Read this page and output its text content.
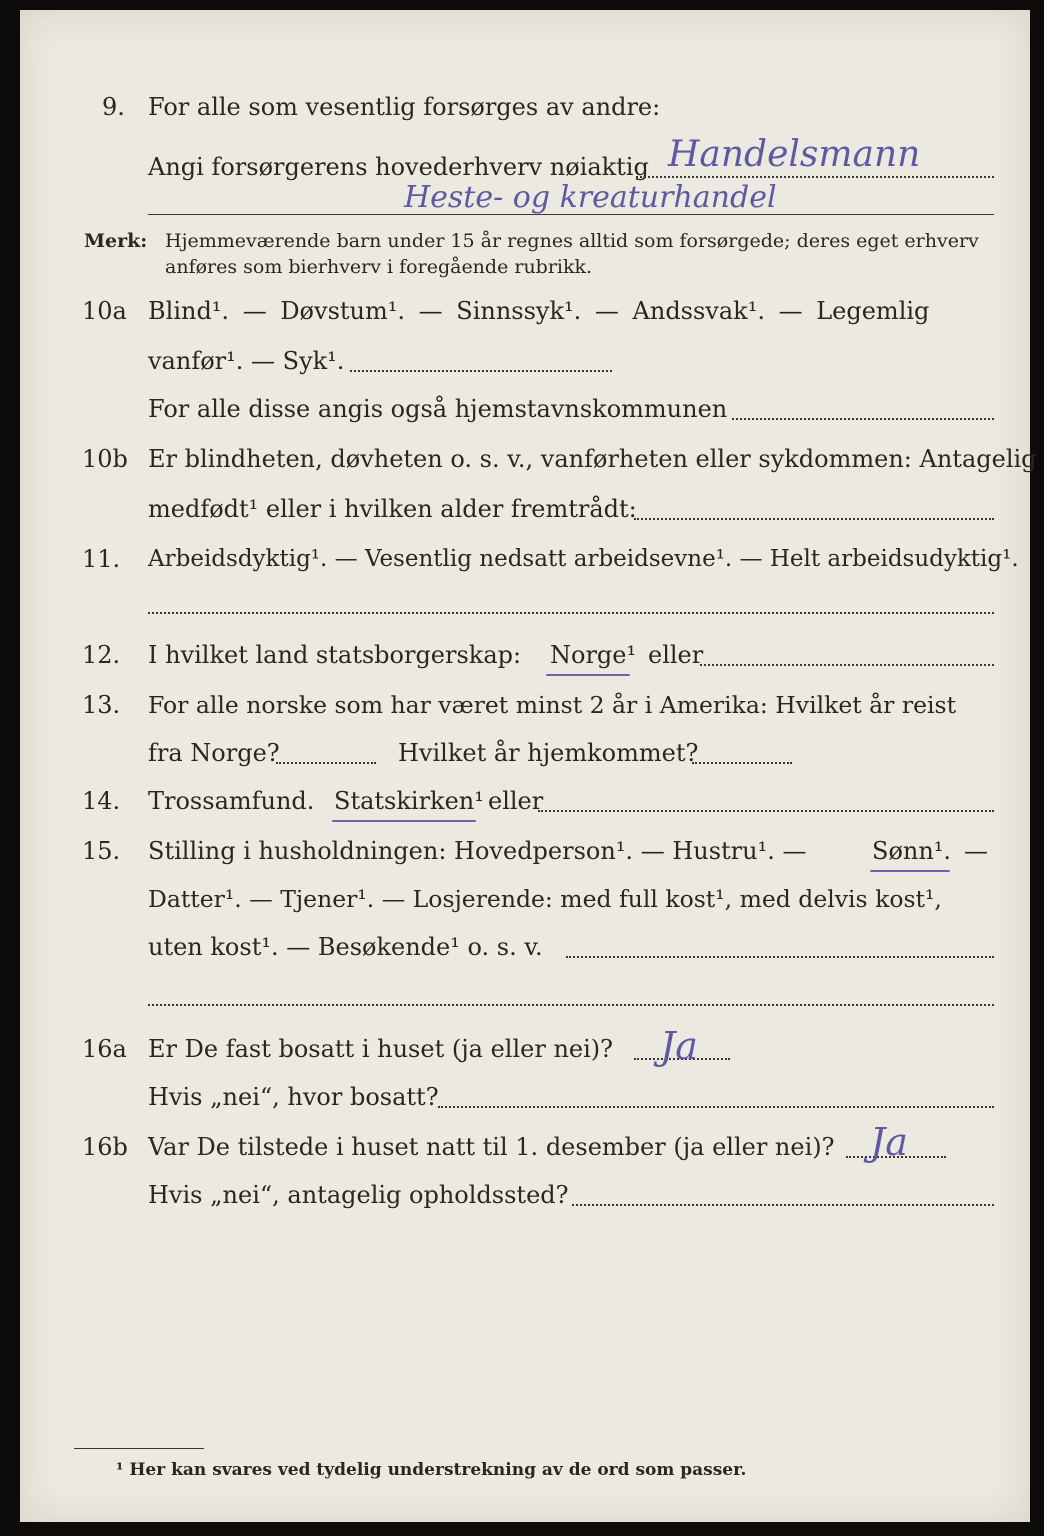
9. For alle som vesentlig forsørges av andre:
Handelsmann
Angi forsørgerens hovederhverv nøiaktig
Heste- og kreaturhandel
Merk: Hjemmeværende barn under 15 år regnes alltid som forsørgede; deres eget erhverv
anføres som bierhverv i foregående rubrikk.
10a Blind¹. — Døvstum¹. — Sinnssyk¹. — Andssvak¹. — Legemlig
vanfør¹. — Syk¹.
For alle disse angis også hjemstavnskommunen
10b Er blindheten, døvheten o. s. v., vanførheten eller sykdommen: Antagelig
medfødt¹ eller i hvilken alder fremtrådt:
11. Arbeidsdyktig¹. — Vesentlig nedsatt arbeidsevne¹. — Helt arbeidsudyktig¹.
12. I hvilket land statsborgerskap: Norge¹ eller
13. For alle norske som har været minst 2 år i Amerika: Hvilket år reist
fra Norge?	Hvilket år hjemkommet?
14. Trossamfund. Statskirken¹ eller
15. Stilling i husholdningen: Hovedperson¹. — Hustru¹. —	Sønn¹. —
Datter¹. — Tjener¹. — Losjerende: med full kost¹, med delvis kost¹,
uten kost¹. — Besøkende¹ o. s. v.
16a Er De fast bosatt i huset (ja eller nei)? Ja
Hvis „nei“, hvor bosatt?
16b Var De tilstede i huset natt til 1. desember (ja eller nei)? Ja
Hvis „nei“, antagelig opholdssted?
¹ Her kan svares ved tydelig understrekning av de ord som passer.
